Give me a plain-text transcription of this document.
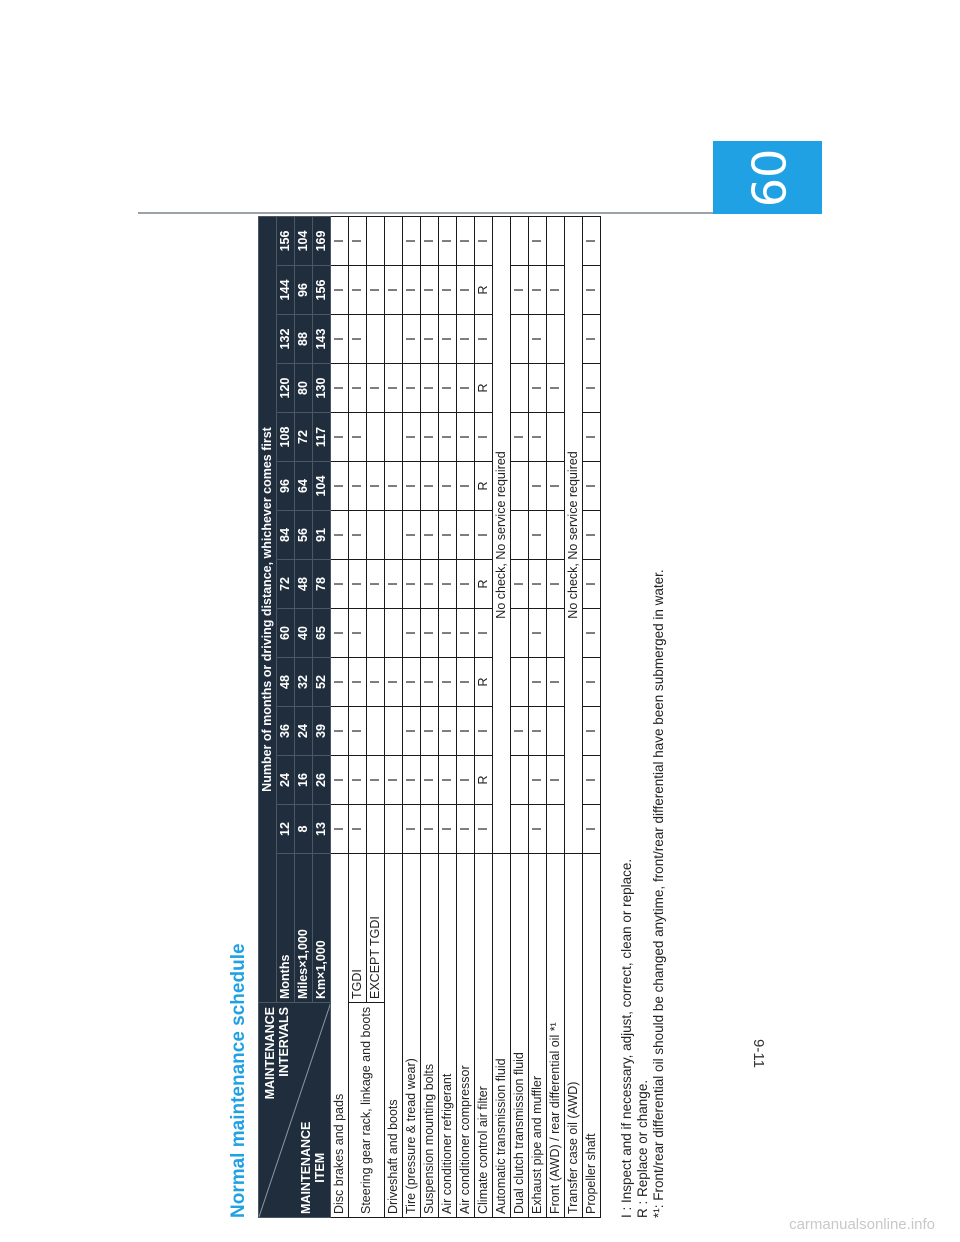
09
9-11
carmanualsonline.info
Normal maintenance schedule	MAINTENANCE INTERVALS
MAINTENANCE ITEM	Number of months or driving distance, whichever comes first													
	Months	12	24	36	48	60	72	84	96	108	120	132	144	156
	Miles×1,000	8	16	24	32	40	48	56	64	72	80	88	96	104
	Km×1,000	13	26	39	52	65	78	91	104	117	130	143	156	169
Disc brakes and pads		I	I	I	I	I	I	I	I	I	I	I	I	I
Steering gear rack, linkage and boots	TGDI	I	I	I	I	I	I	I	I	I	I	I	I	I
	EXCEPT TGDI		I		I		I		I		I		I	
Driveshaft and boots			I		I		I		I		I		I	
Tire (pressure & tread wear)		I	I	I	I	I	I	I	I	I	I	I	I	I
Suspension mounting bolts		I	I	I	I	I	I	I	I	I	I	I	I	I
Air conditioner refrigerant		I	I	I	I	I	I	I	I	I	I	I	I	I
Air conditioner compressor		I	I	I	I	I	I	I	I	I	I	I	I	I
Climate control air filter		I	R	I	R	I	R	I	R	I	R	I	R	I
Automatic transmission fluid		No check, No service required												
Dual clutch transmission fluid				I			I			I			I	
Exhaust pipe and muffler		I	I	I	I	I	I	I	I	I	I	I	I	I
Front (AWD) / rear differential oil *¹			I		I		I		I		I		I	
Transfer case oil (AWD)		No check, No service required												
Propeller shaft		I	I	I	I	I	I	I	I	I	I	I	I	I
I : Inspect and if necessary, adjust, correct, clean or replace. R : Replace or change. *¹: Front/rear differential oil should be changed anytime, front/rear differential have been submerged in water.
